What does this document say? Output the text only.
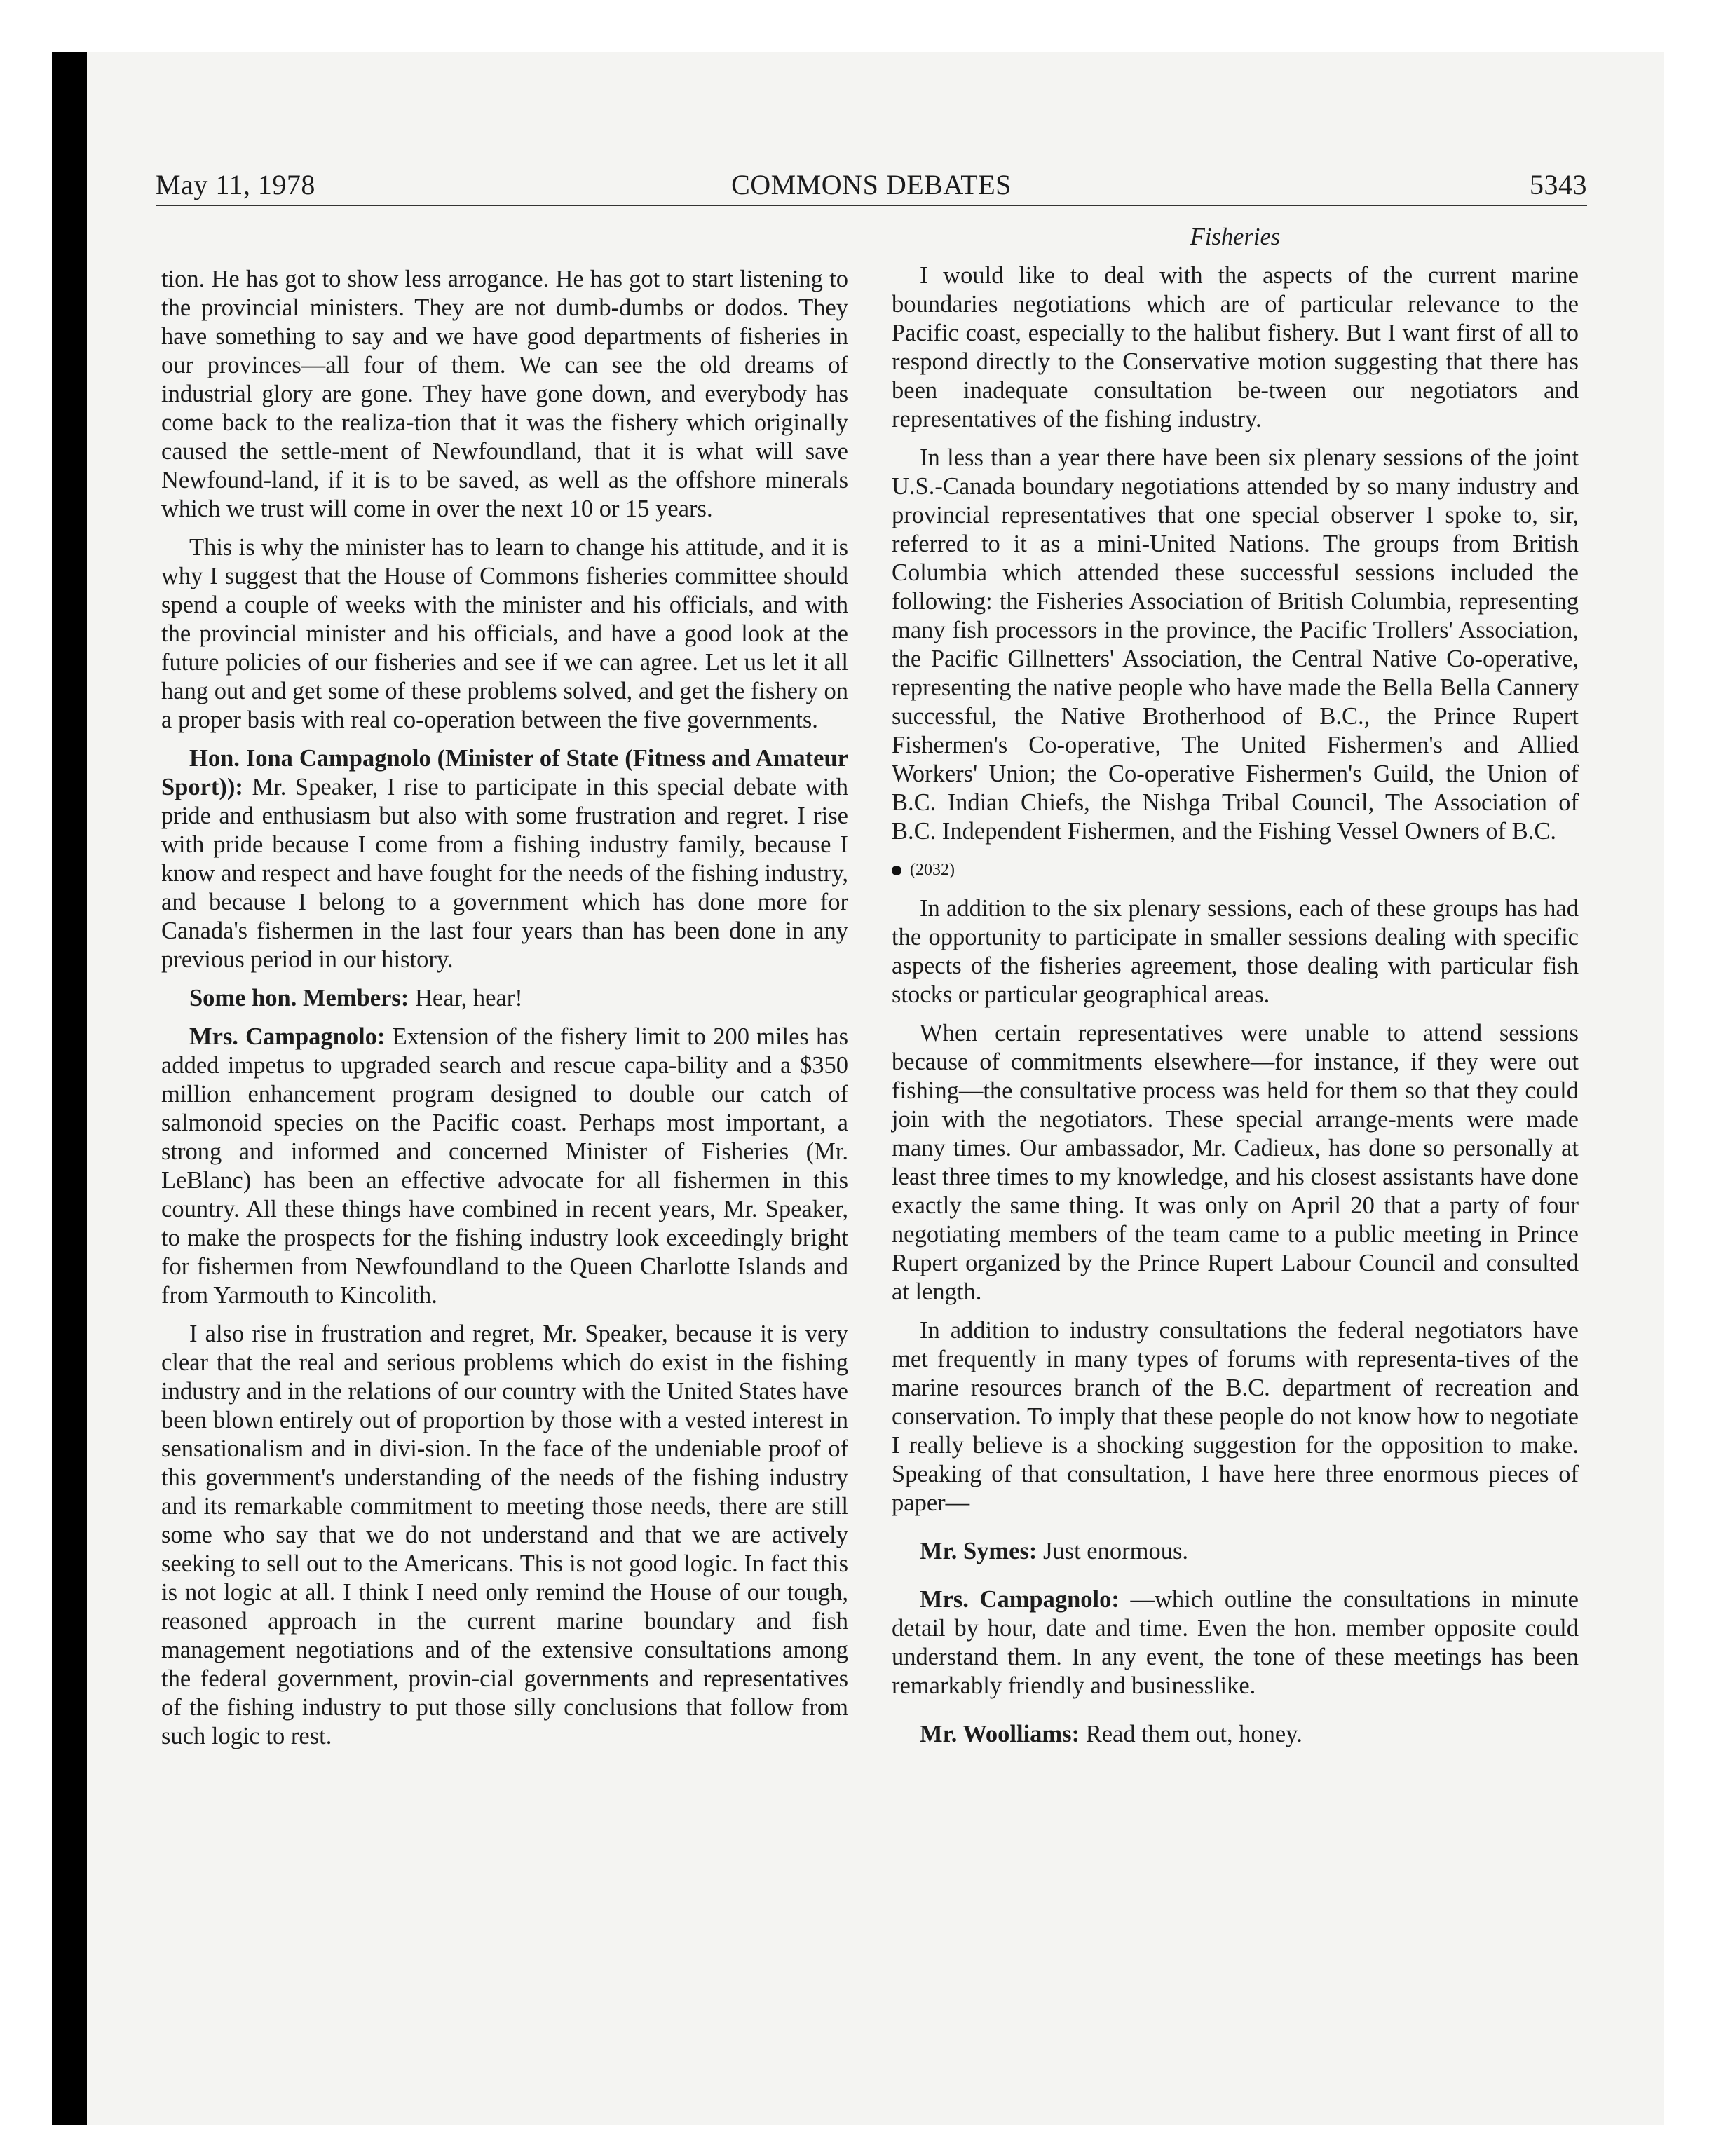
May 11, 1978	COMMONS DEBATES	5343

tion. He has got to show less arrogance. He has got to start listening to the provincial ministers. They are not dumb-dumbs or dodos. They have something to say and we have good departments of fisheries in our provinces—all four of them. We can see the old dreams of industrial glory are gone. They have gone down, and everybody has come back to the realiza-tion that it was the fishery which originally caused the settle-ment of Newfoundland, that it is what will save Newfound-land, if it is to be saved, as well as the offshore minerals which we trust will come in over the next 10 or 15 years.

This is why the minister has to learn to change his attitude, and it is why I suggest that the House of Commons fisheries committee should spend a couple of weeks with the minister and his officials, and with the provincial minister and his officials, and have a good look at the future policies of our fisheries and see if we can agree. Let us let it all hang out and get some of these problems solved, and get the fishery on a proper basis with real co-operation between the five governments.

Hon. Iona Campagnolo (Minister of State (Fitness and Amateur Sport)): Mr. Speaker, I rise to participate in this special debate with pride and enthusiasm but also with some frustration and regret. I rise with pride because I come from a fishing industry family, because I know and respect and have fought for the needs of the fishing industry, and because I belong to a government which has done more for Canada's fishermen in the last four years than has been done in any previous period in our history.

Some hon. Members: Hear, hear!

Mrs. Campagnolo: Extension of the fishery limit to 200 miles has added impetus to upgraded search and rescue capa-bility and a $350 million enhancement program designed to double our catch of salmonoid species on the Pacific coast. Perhaps most important, a strong and informed and concerned Minister of Fisheries (Mr. LeBlanc) has been an effective advocate for all fishermen in this country. All these things have combined in recent years, Mr. Speaker, to make the prospects for the fishing industry look exceedingly bright for fishermen from Newfoundland to the Queen Charlotte Islands and from Yarmouth to Kincolith.

I also rise in frustration and regret, Mr. Speaker, because it is very clear that the real and serious problems which do exist in the fishing industry and in the relations of our country with the United States have been blown entirely out of proportion by those with a vested interest in sensationalism and in divi-sion. In the face of the undeniable proof of this government's understanding of the needs of the fishing industry and its remarkable commitment to meeting those needs, there are still some who say that we do not understand and that we are actively seeking to sell out to the Americans. This is not good logic. In fact this is not logic at all. I think I need only remind the House of our tough, reasoned approach in the current marine boundary and fish management negotiations and of the extensive consultations among the federal government, provin-cial governments and representatives of the fishing industry to put those silly conclusions that follow from such logic to rest.

Fisheries

I would like to deal with the aspects of the current marine boundaries negotiations which are of particular relevance to the Pacific coast, especially to the halibut fishery. But I want first of all to respond directly to the Conservative motion suggesting that there has been inadequate consultation be-tween our negotiators and representatives of the fishing industry.

In less than a year there have been six plenary sessions of the joint U.S.-Canada boundary negotiations attended by so many industry and provincial representatives that one special observer I spoke to, sir, referred to it as a mini-United Nations. The groups from British Columbia which attended these successful sessions included the following: the Fisheries Association of British Columbia, representing many fish processors in the province, the Pacific Trollers' Association, the Pacific Gillnetters' Association, the Central Native Co-operative, representing the native people who have made the Bella Bella Cannery successful, the Native Brotherhood of B.C., the Prince Rupert Fishermen's Co-operative, The United Fishermen's and Allied Workers' Union; the Co-operative Fishermen's Guild, the Union of B.C. Indian Chiefs, the Nishga Tribal Council, The Association of B.C. Independent Fishermen, and the Fishing Vessel Owners of B.C.

(2032)

In addition to the six plenary sessions, each of these groups has had the opportunity to participate in smaller sessions dealing with specific aspects of the fisheries agreement, those dealing with particular fish stocks or particular geographical areas.

When certain representatives were unable to attend sessions because of commitments elsewhere—for instance, if they were out fishing—the consultative process was held for them so that they could join with the negotiators. These special arrange-ments were made many times. Our ambassador, Mr. Cadieux, has done so personally at least three times to my knowledge, and his closest assistants have done exactly the same thing. It was only on April 20 that a party of four negotiating members of the team came to a public meeting in Prince Rupert organized by the Prince Rupert Labour Council and consulted at length.

In addition to industry consultations the federal negotiators have met frequently in many types of forums with representa-tives of the marine resources branch of the B.C. department of recreation and conservation. To imply that these people do not know how to negotiate I really believe is a shocking suggestion for the opposition to make. Speaking of that consultation, I have here three enormous pieces of paper—

Mr. Symes: Just enormous.

Mrs. Campagnolo: —which outline the consultations in minute detail by hour, date and time. Even the hon. member opposite could understand them. In any event, the tone of these meetings has been remarkably friendly and businesslike.

Mr. Woolliams: Read them out, honey.
